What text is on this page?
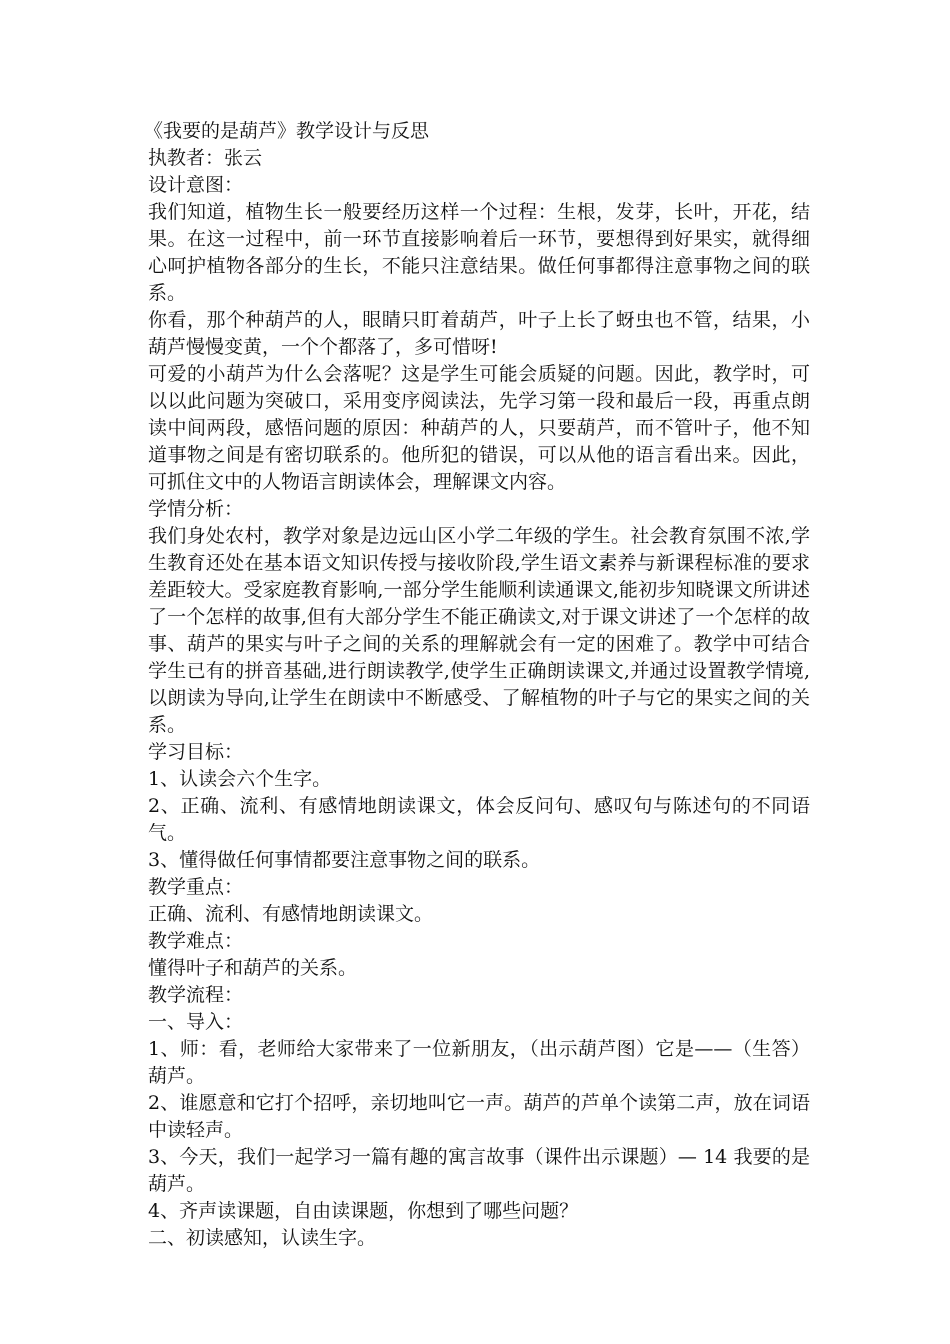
《我要的是葫芦》教学设计与反思

执教者：张云

设计意图：

我们知道，植物生长一般要经历这样一个过程：生根，发芽，长叶，开花，结果。在这一过程中，前一环节直接影响着后一环节，要想得到好果实，就得细心呵护植物各部分的生长，不能只注意结果。做任何事都得注意事物之间的联系。

你看，那个种葫芦的人，眼睛只盯着葫芦，叶子上长了蚜虫也不管，结果，小葫芦慢慢变黄，一个个都落了，多可惜呀!

可爱的小葫芦为什么会落呢？这是学生可能会质疑的问题。因此，教学时，可以以此问题为突破口，采用变序阅读法，先学习第一段和最后一段，再重点朗读中间两段，感悟问题的原因：种葫芦的人，只要葫芦，而不管叶子，他不知道事物之间是有密切联系的。他所犯的错误，可以从他的语言看出来。因此，可抓住文中的人物语言朗读体会，理解课文内容。

学情分析：

我们身处农村，教学对象是边远山区小学二年级的学生。社会教育氛围不浓,学生教育还处在基本语文知识传授与接收阶段,学生语文素养与新课程标准的要求差距较大。受家庭教育影响,一部分学生能顺利读通课文,能初步知晓课文所讲述了一个怎样的故事,但有大部分学生不能正确读文,对于课文讲述了一个怎样的故事、葫芦的果实与叶子之间的关系的理解就会有一定的困难了。教学中可结合学生已有的拼音基础,进行朗读教学,使学生正确朗读课文,并通过设置教学情境,以朗读为导向,让学生在朗读中不断感受、了解植物的叶子与它的果实之间的关系。

学习目标：

1、认读会六个生字。

2、正确、流利、有感情地朗读课文，体会反问句、感叹句与陈述句的不同语气。

3、懂得做任何事情都要注意事物之间的联系。

教学重点：

正确、流利、有感情地朗读课文。

教学难点：

懂得叶子和葫芦的关系。

教学流程：

一、导入：

1、师：看，老师给大家带来了一位新朋友，（出示葫芦图）它是——（生答）葫芦。

2、谁愿意和它打个招呼，亲切地叫它一声。葫芦的芦单个读第二声，放在词语中读轻声。

3、今天，我们一起学习一篇有趣的寓言故事（课件出示课题）— 14 我要的是葫芦。

4、齐声读课题，自由读课题，你想到了哪些问题？

二、初读感知，认读生字。
